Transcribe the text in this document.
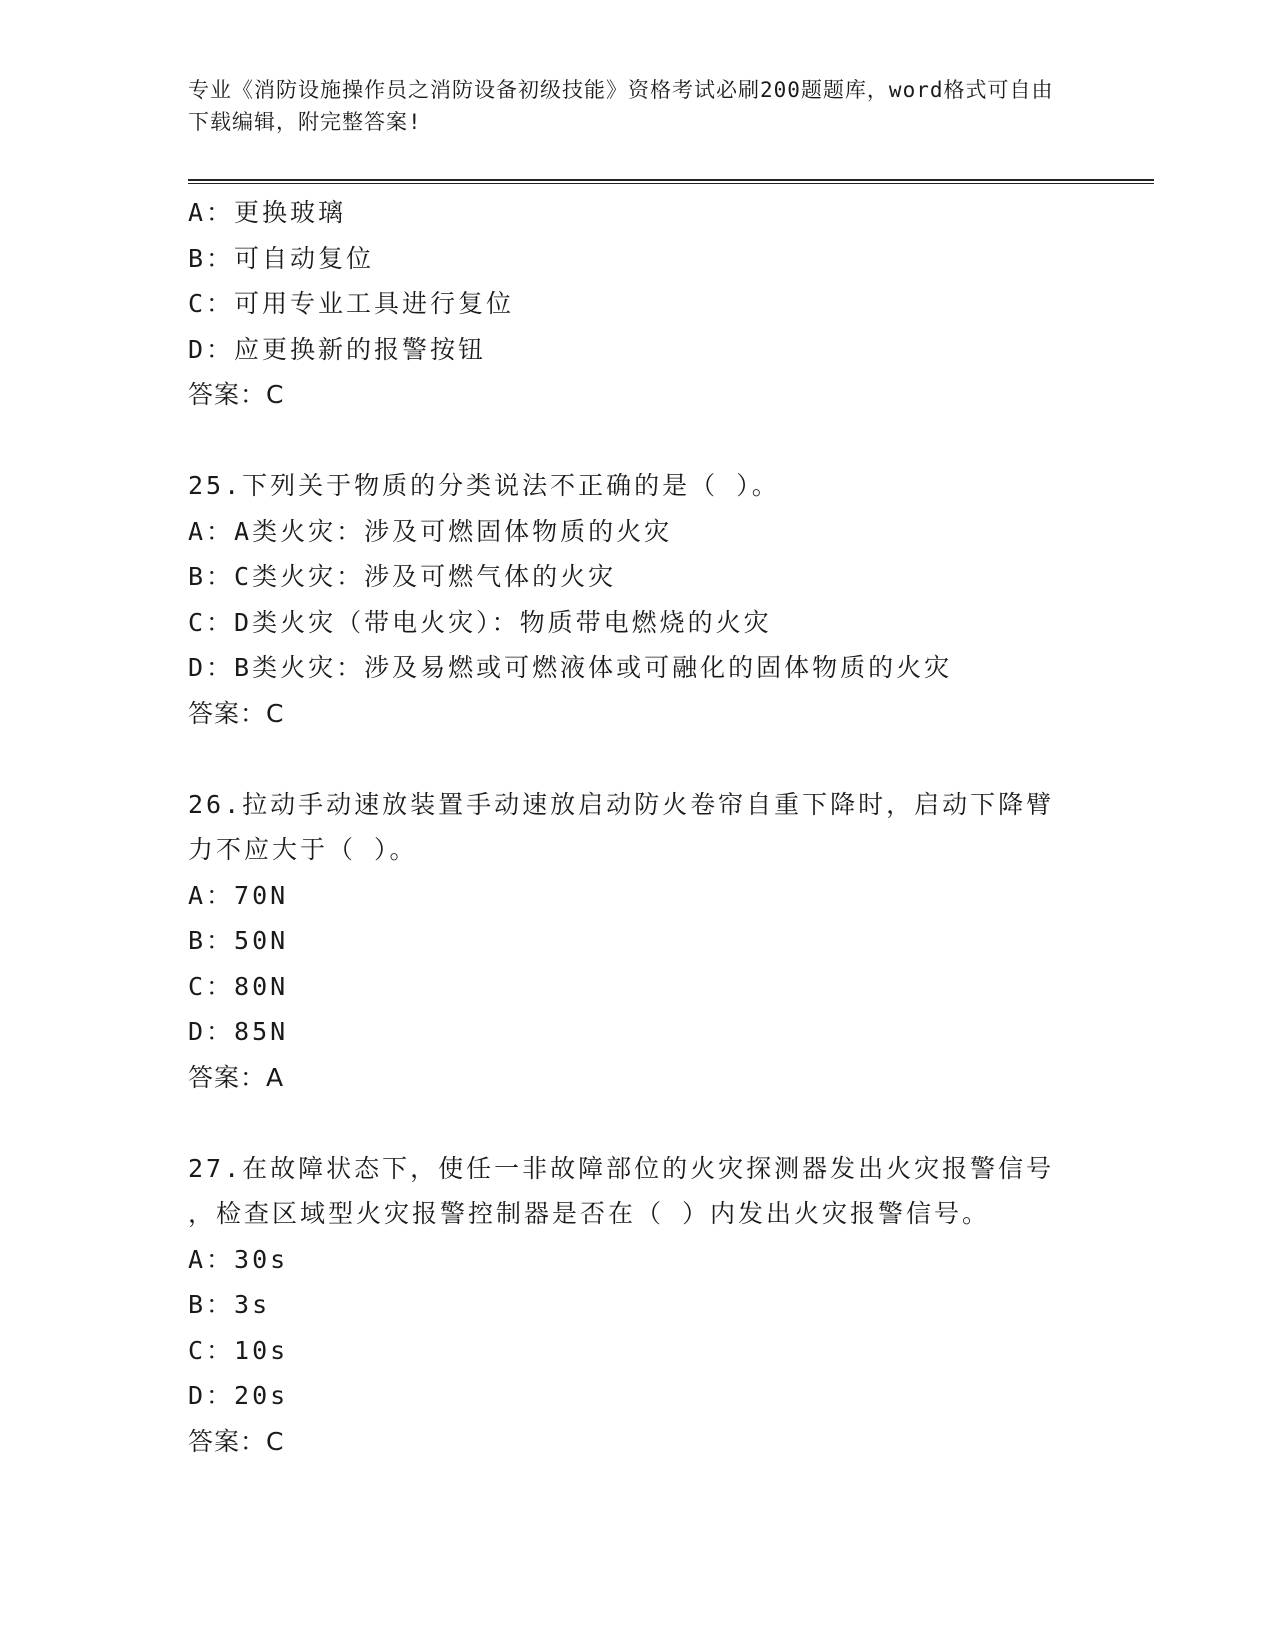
专业《消防设施操作员之消防设备初级技能》资格考试必刷200题题库，word格式可自由下载编辑，附完整答案!
A：更换玻璃
B：可自动复位
C：可用专业工具进行复位
D：应更换新的报警按钮
答案：C
25.下列关于物质的分类说法不正确的是（ ）。
A：A类火灾：涉及可燃固体物质的火灾
B：C类火灾：涉及可燃气体的火灾
C：D类火灾（带电火灾）：物质带电燃烧的火灾
D：B类火灾：涉及易燃或可燃液体或可融化的固体物质的火灾
答案：C
26.拉动手动速放装置手动速放启动防火卷帘自重下降时，启动下降臂
力不应大于（ ）。
A：70N
B：50N
C：80N
D：85N
答案：A
27.在故障状态下，使任一非故障部位的火灾探测器发出火灾报警信号
，检查区域型火灾报警控制器是否在（ ）内发出火灾报警信号。
A：30s
B：3s
C：10s
D：20s
答案：C
